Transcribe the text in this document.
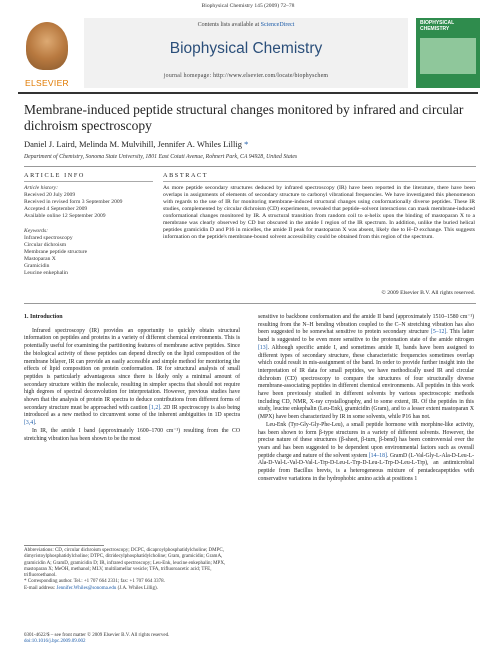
Biophysical Chemistry 145 (2009) 72–78
ELSEVIER
Contents lists available at ScienceDirect
Biophysical Chemistry
journal homepage: http://www.elsevier.com/locate/biophyschem
BIOPHYSICAL
CHEMISTRY
Membrane-induced peptide structural changes monitored by infrared and circular dichroism spectroscopy
Daniel J. Laird, Melinda M. Mulvihill, Jennifer A. Whiles Lillig *
Department of Chemistry, Sonoma State University, 1801 East Cotati Avenue, Rohnert Park, CA 94928, United States
ARTICLE INFO	ABSTRACT
Article history:
Received 20 July 2009
Received in revised form 3 September 2009
Accepted 4 September 2009
Available online 12 September 2009
Keywords:
Infrared spectroscopy
Circular dichroism
Membrane peptide structure
Mastoparan X
Gramicidin
Leucine enkephalin
As more peptide secondary structures deduced by infrared spectroscopy (IR) have been reported in the literature, there have been overlaps in assignments of elements of secondary structure to carbonyl vibrational frequencies. We have investigated this phenomenon with regards to the use of IR for monitoring membrane-induced structural changes using conformationally diverse peptides. These IR studies, complemented by circular dichroism (CD) experiments, revealed that peptide–solvent interactions can mask membrane-induced conformational changes monitored by IR. A structural transition from random coil to α-helix upon the binding of mastoparan X to a membrane was clearly observed by CD but obscured in the amide I region of the IR spectrum. In addition, unlike the buried helical peptides gramicidin D and P16 in micelles, the amide II peak for mastoparan X was absent, likely due to H–D exchange. This suggests information on the peptide's membrane-bound solvent accessibility could be obtained from this region of the spectrum.
© 2009 Elsevier B.V. All rights reserved.
1. Introduction

Infrared spectroscopy (IR) provides an opportunity to quickly obtain structural information on peptides and proteins in a variety of different chemical environments. This is potentially useful for examining the partitioning features of membrane active peptides. Since the biological activity of these peptides can depend directly on the lipid composition of the membrane bilayer, IR can provide an easily accessible and simple method for monitoring the effects of lipid composition on protein conformation. IR for structural analysis of small peptides is particularly advantageous since there is likely only a minimal amount of secondary structure within the molecule, resulting in simpler spectra that should not require high degrees of spectral deconvolution for interpretation. However, previous studies have shown that the analysis of protein IR spectra to deduce contributions from different forms of secondary structure must be approached with caution [1,2]. 2D IR spectroscopy is also being introduced as a new method to circumvent some of the inherent ambiguities in 1D spectra [3,4].

In IR, the amide I band (approximately 1600–1700 cm⁻¹) resulting from the CO stretching vibration has been shown to be the most

sensitive to backbone conformation and the amide II band (approximately 1510–1580 cm⁻¹) resulting from the N–H bending vibration coupled to the C–N stretching vibration has also been suggested to be somewhat sensitive to protein secondary structure [5–12]. This latter band is suggested to be even more sensitive to the protonation state of the amide nitrogen [13]. Although specific amide I, and sometimes amide II, bands have been assigned to different types of secondary structure, these characteristic frequencies sometimes overlap which could result in mis-assignment of the band. In order to provide further insight into the interpretation of IR data for small peptides, we have methodically used IR and circular dichroism (CD) spectroscopy to compare the structures of four structurally diverse membrane-associating peptides in different chemical environments. All peptides in this work have been previously studied in different solvents by various spectroscopic methods including CD, NMR, X-ray crystallography, and to some extent, IR. Of the peptides in this study, leucine enkephalin (Leu-Enk), gramicidin (Gram), and to a lesser extent mastoparan X (MPX) have been characterized by IR in some solvents, while P16 has not.

Leu-Enk (Tyr-Gly-Gly-Phe-Leu), a small peptide hormone with morphine-like activity, has been shown to form β-type structures in a variety of different solvents. However, the precise nature of these structures (β-sheet, β-turn, β-bend) has been controversial over the years and has been suggested to be dependent upon environmental factors such as overall peptide charge and nature of the solvent system [14–18]. GramD (L-Val-Gly-L-Ala-D-Leu-L-Ala-D-Val-L-Val-D-Val-L-Trp-D-Leu-L-Trp-D-Leu-L-Trp-D-Leu-L-Trp), an antimicrobial peptide from Bacillus brevis, is a heterogeneous mixture of pentadecapeptides with conservative variations in the hydrophobic amino acids at positions 1

Abbreviations: CD, circular dichroism spectroscopy; DCPC, dicaproylphosphatidylcholine; DMPC, dimyristoylphosphatidylcholine; DTPC, ditridecylphosphatidylcholine; Gram, gramicidin; GramA, gramicidin A; GramD, gramicidin D; IR, infrared spectroscopy; Leu-Enk, leucine enkephalin; MPX, mastoparan X; MeOH, methanol; MLV, multilamellar vesicle; TFA, trifluoroacetic acid; TFE, trifluoroethanol.
* Corresponding author. Tel.: +1 707 664 2331; fax: +1 707 664 3378.
E-mail address: Jennifer.Whiles@sonoma.edu (J.A. Whiles Lillig).
0301-4622/$ – see front matter © 2009 Elsevier B.V. All rights reserved.
doi:10.1016/j.bpc.2009.09.002
